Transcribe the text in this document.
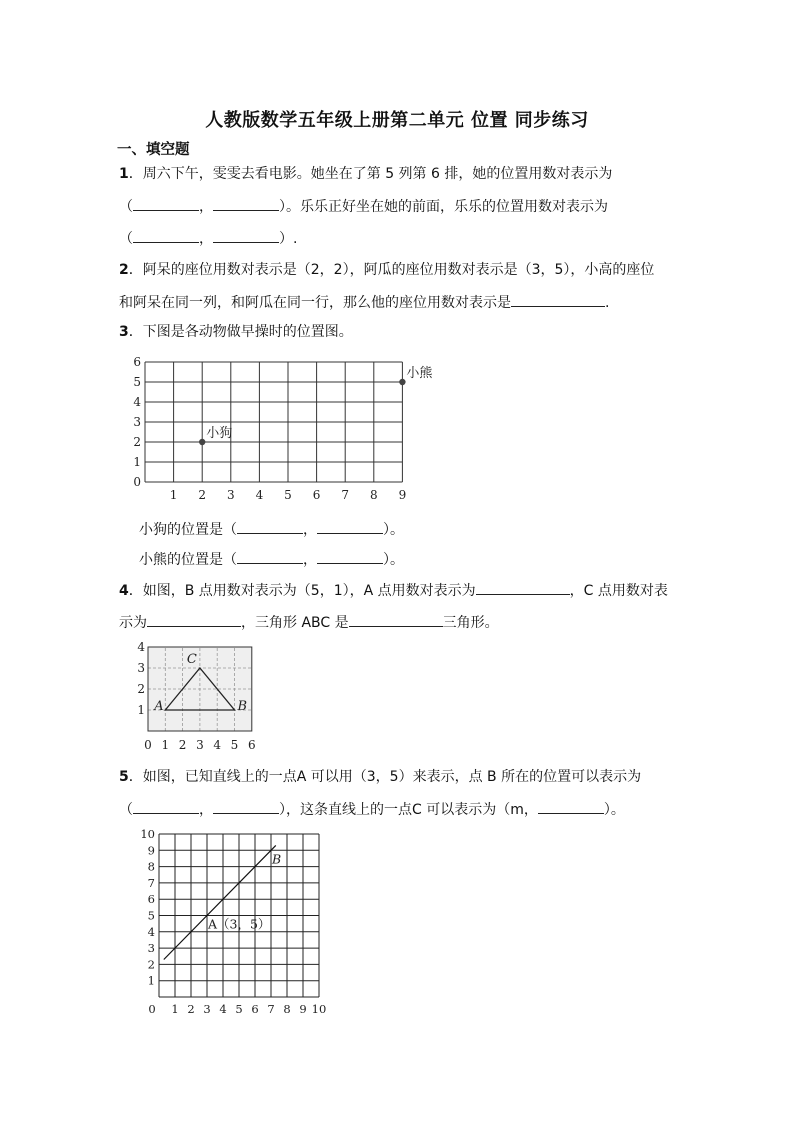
人教版数学五年级上册第二单元 位置 同步练习
一、填空题
1．周六下午，雯雯去看电影。她坐在了第 5 列第 6 排，她的位置用数对表示为
（	，	）。乐乐正好坐在她的前面，乐乐的位置用数对表示为
（	，	）.
2．阿呆的座位用数对表示是（2，2），阿瓜的座位用数对表示是（3，5），小高的座位
和阿呆在同一列，和阿瓜在同一行，那么他的座位用数对表示是	.
3．下图是各动物做早操时的位置图。
1 2 3 4 5 6 7 8 9
0
1
2
3
4
5
6
小狗
小熊
小狗的位置是（	，	）。
小熊的位置是（	，	）。
4．如图，B 点用数对表示为（5，1），A 点用数对表示为	，C 点用数对表
示为	，三角形 ABC 是	三角形。
A
C
B
0 1 2 3 4 5 6
1
2
3
4
5．如图，已知直线上的一点A 可以用（3，5）来表示，点 B 所在的位置可以表示为
（	，	），这条直线上的一点C 可以表示为（m，	）。
A（3，5）
B
0 1 2 3 4 5 6 7 8 9 10
1
2
3
4
5
6
7
8
9
10
